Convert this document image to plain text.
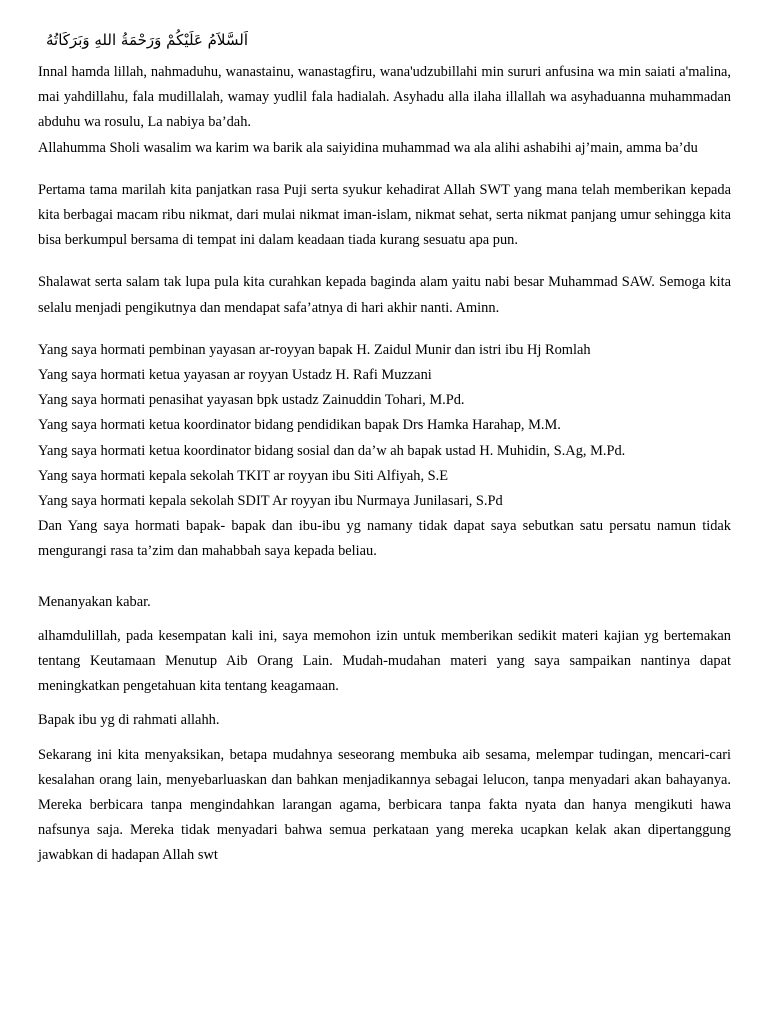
اَلسَّلاَمُ عَلَيْكُمْ وَرَحْمَةُ اللهِ وَبَرَكَاتُهُ

Innal hamda lillah, nahmaduhu, wanastainu, wanastagfiru, wana'udzubillahi min sururi anfusina wa min saiati a'malina, mai yahdillahu, fala mudillalah, wamay yudlil fala hadialah. Asyhadu alla ilaha illallah wa asyhaduanna muhammadan abduhu wa rosulu, La nabiya ba’dah.

Allahumma Sholi wasalim wa karim wa barik ala saiyidina muhammad wa ala alihi ashabihi aj’main, amma ba’du

Pertama tama marilah kita panjatkan rasa Puji serta syukur kehadirat Allah SWT yang mana telah memberikan kepada kita berbagai macam ribu nikmat, dari mulai nikmat iman-islam, nikmat sehat, serta nikmat panjang umur sehingga kita bisa berkumpul bersama di tempat ini dalam keadaan tiada kurang sesuatu apa pun.

Shalawat serta salam tak lupa pula kita curahkan kepada baginda alam yaitu nabi besar Muhammad SAW. Semoga kita selalu menjadi pengikutnya dan mendapat safa’atnya di hari akhir nanti. Aminn.

Yang saya hormati pembinan yayasan ar-royyan bapak H. Zaidul Munir dan istri ibu Hj Romlah

Yang saya hormati ketua yayasan ar royyan Ustadz H. Rafi Muzzani

Yang saya hormati penasihat yayasan bpk ustadz Zainuddin Tohari, M.Pd.

Yang saya hormati ketua koordinator bidang pendidikan bapak Drs Hamka Harahap, M.M.

Yang saya hormati ketua koordinator bidang sosial dan da’w ah bapak ustad H. Muhidin, S.Ag, M.Pd.

Yang saya hormati kepala sekolah TKIT ar royyan ibu Siti Alfiyah, S.E

Yang saya hormati kepala sekolah SDIT Ar royyan ibu Nurmaya Junilasari, S.Pd

Dan Yang saya hormati bapak- bapak dan ibu-ibu yg namany tidak dapat saya sebutkan satu persatu namun tidak mengurangi rasa ta’zim dan mahabbah saya kepada beliau.

Menanyakan kabar.

alhamdulillah, pada kesempatan kali ini, saya memohon izin untuk memberikan sedikit materi kajian yg bertemakan tentang Keutamaan Menutup Aib Orang Lain. Mudah-mudahan materi yang saya sampaikan nantinya dapat meningkatkan pengetahuan kita tentang keagamaan.

Bapak ibu yg di rahmati allahh.

Sekarang ini kita menyaksikan, betapa mudahnya seseorang membuka aib sesama, melempar tudingan, mencari-cari kesalahan orang lain, menyebarluaskan dan bahkan menjadikannya sebagai lelucon, tanpa menyadari akan bahayanya. Mereka berbicara tanpa mengindahkan larangan agama, berbicara tanpa fakta nyata dan hanya mengikuti hawa nafsunya saja. Mereka tidak menyadari bahwa semua perkataan yang mereka ucapkan kelak akan dipertanggung jawabkan di hadapan Allah swt
